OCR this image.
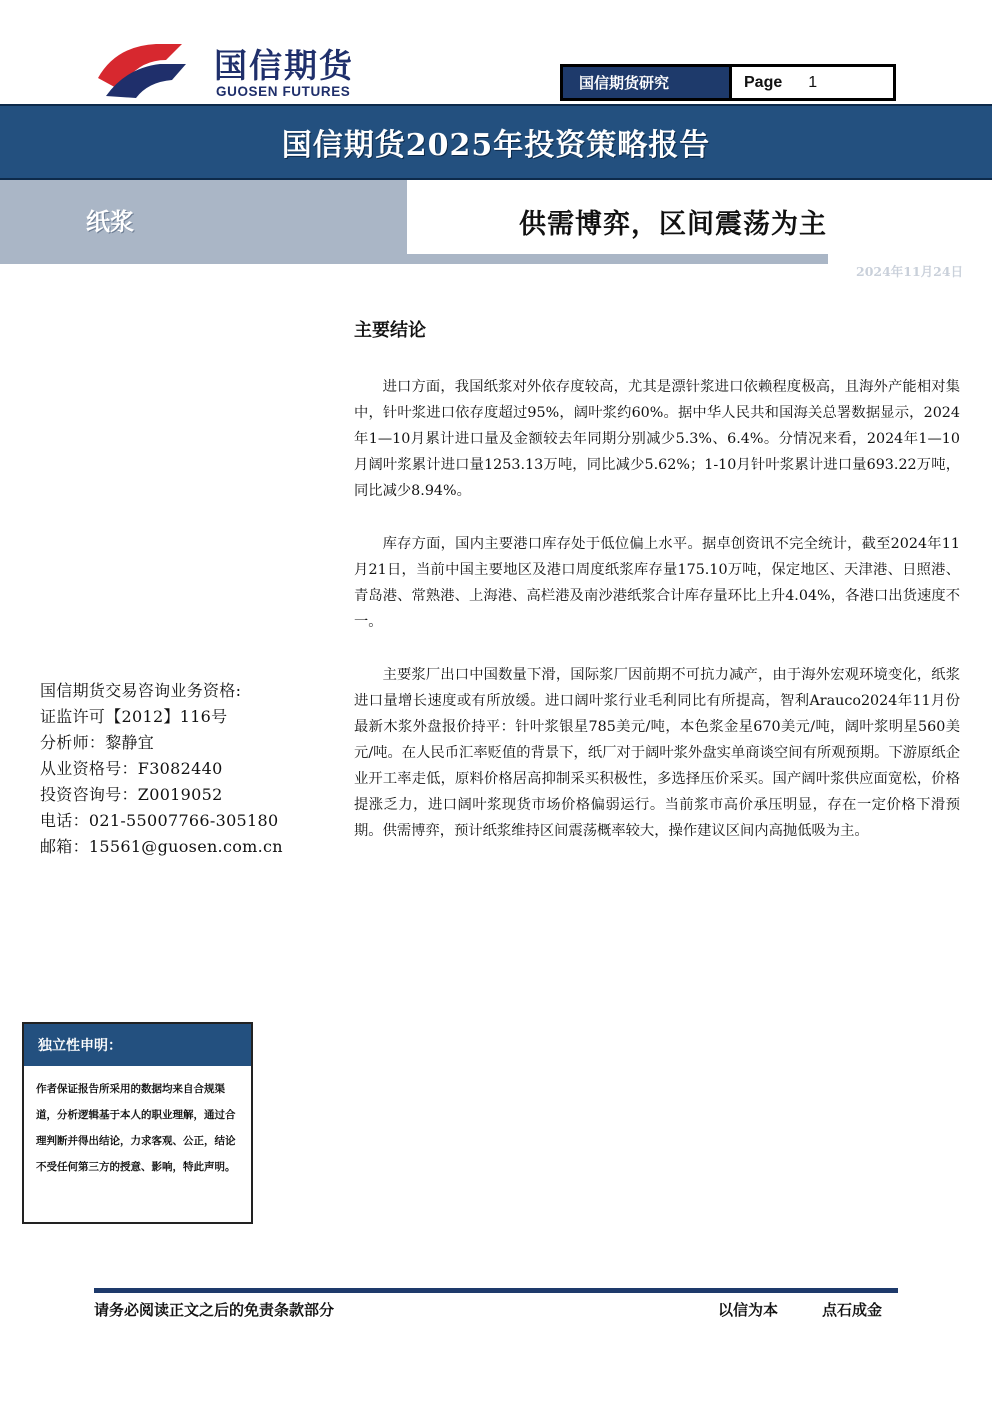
国信期货
GUOSEN FUTURES	国信期货研究	Page 1
国信期货2025年投资策略报告
纸浆	供需博弈，区间震荡为主
2024年11月24日
主要结论

进口方面，我国纸浆对外依存度较高，尤其是漂针浆进口依赖程度极高，且海外产能相对集中，针叶浆进口依存度超过95%，阔叶浆约60%。据中华人民共和国海关总署数据显示，2024年1—10月累计进口量及金额较去年同期分别减少5.3%、6.4%。分情况来看，2024年1—10月阔叶浆累计进口量1253.13万吨，同比减少5.62%；1-10月针叶浆累计进口量693.22万吨，同比减少8.94%。

库存方面，国内主要港口库存处于低位偏上水平。据卓创资讯不完全统计，截至2024年11月21日，当前中国主要地区及港口周度纸浆库存量175.10万吨，保定地区、天津港、日照港、青岛港、常熟港、上海港、高栏港及南沙港纸浆合计库存量环比上升4.04%，各港口出货速度不一。

主要浆厂出口中国数量下滑，国际浆厂因前期不可抗力减产，由于海外宏观环境变化，纸浆进口量增长速度或有所放缓。进口阔叶浆行业毛利同比有所提高，智利Arauco2024年11月份最新木浆外盘报价持平：针叶浆银星785美元/吨，本色浆金星670美元/吨，阔叶浆明星560美元/吨。在人民币汇率贬值的背景下，纸厂对于阔叶浆外盘实单商谈空间有所观预期。下游原纸企业开工率走低，原料价格居高抑制采买积极性，多选择压价采买。国产阔叶浆供应面宽松，价格提涨乏力，进口阔叶浆现货市场价格偏弱运行。当前浆市高价承压明显，存在一定价格下滑预期。供需博弈，预计纸浆维持区间震荡概率较大，操作建议区间内高抛低吸为主。

国信期货交易咨询业务资格:
证监许可【2012】116号
分析师：黎静宜
从业资格号：F3082440
投资咨询号：Z0019052
电话：021-55007766-305180
邮箱：15561@guosen.com.cn
独立性申明：
作者保证报告所采用的数据均来自合规渠道，分析逻辑基于本人的职业理解，通过合理判断并得出结论，力求客观、公正，结论不受任何第三方的授意、影响，特此声明。
请务必阅读正文之后的免责条款部分	以信为本	点石成金
